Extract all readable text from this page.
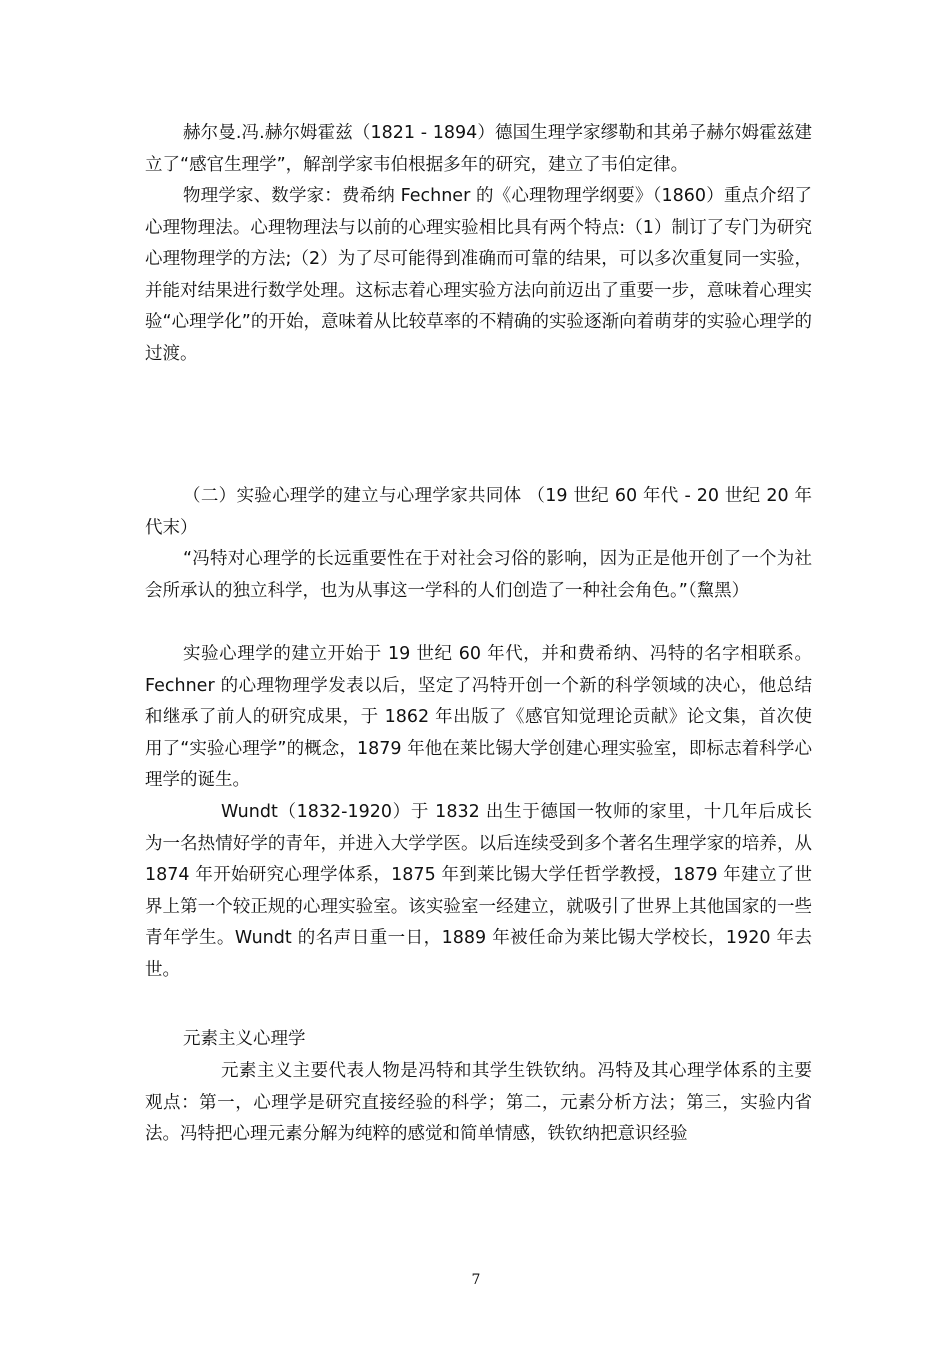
赫尔曼.冯.赫尔姆霍兹（1821 - 1894）德国生理学家缪勒和其弟子赫尔姆霍兹建立了“感官生理学”，解剖学家韦伯根据多年的研究，建立了韦伯定律。

物理学家、数学家：费希纳 Fechner 的《心理物理学纲要》（1860）重点介绍了心理物理法。心理物理法与以前的心理实验相比具有两个特点:（1）制订了专门为研究心理物理学的方法;（2）为了尽可能得到准确而可靠的结果，可以多次重复同一实验，并能对结果进行数学处理。这标志着心理实验方法向前迈出了重要一步，意味着心理实验“心理学化”的开始，意味着从比较草率的不精确的实验逐渐向着萌芽的实验心理学的过渡。

（二）实验心理学的建立与心理学家共同体 （19 世纪 60 年代 - 20 世纪 20 年代末）

“冯特对心理学的长远重要性在于对社会习俗的影响，因为正是他开创了一个为社会所承认的独立科学，也为从事这一学科的人们创造了一种社会角色。”（黧黑）

实验心理学的建立开始于 19 世纪 60 年代，并和费希纳、冯特的名字相联系。Fechner 的心理物理学发表以后，坚定了冯特开创一个新的科学领域的决心，他总结和继承了前人的研究成果，于 1862 年出版了《感官知觉理论贡献》论文集，首次使用了“实验心理学”的概念，1879 年他在莱比锡大学创建心理实验室，即标志着科学心理学的诞生。

Wundt（1832-1920）于 1832 出生于德国一牧师的家里，十几年后成长为一名热情好学的青年，并进入大学学医。以后连续受到多个著名生理学家的培养，从 1874 年开始研究心理学体系，1875 年到莱比锡大学任哲学教授，1879 年建立了世界上第一个较正规的心理实验室。该实验室一经建立，就吸引了世界上其他国家的一些青年学生。Wundt 的名声日重一日，1889 年被任命为莱比锡大学校长，1920 年去世。

元素主义心理学

元素主义主要代表人物是冯特和其学生铁钦纳。冯特及其心理学体系的主要观点：第一，心理学是研究直接经验的科学；第二，元素分析方法；第三，实验内省法。冯特把心理元素分解为纯粹的感觉和简单情感，铁钦纳把意识经验

7
